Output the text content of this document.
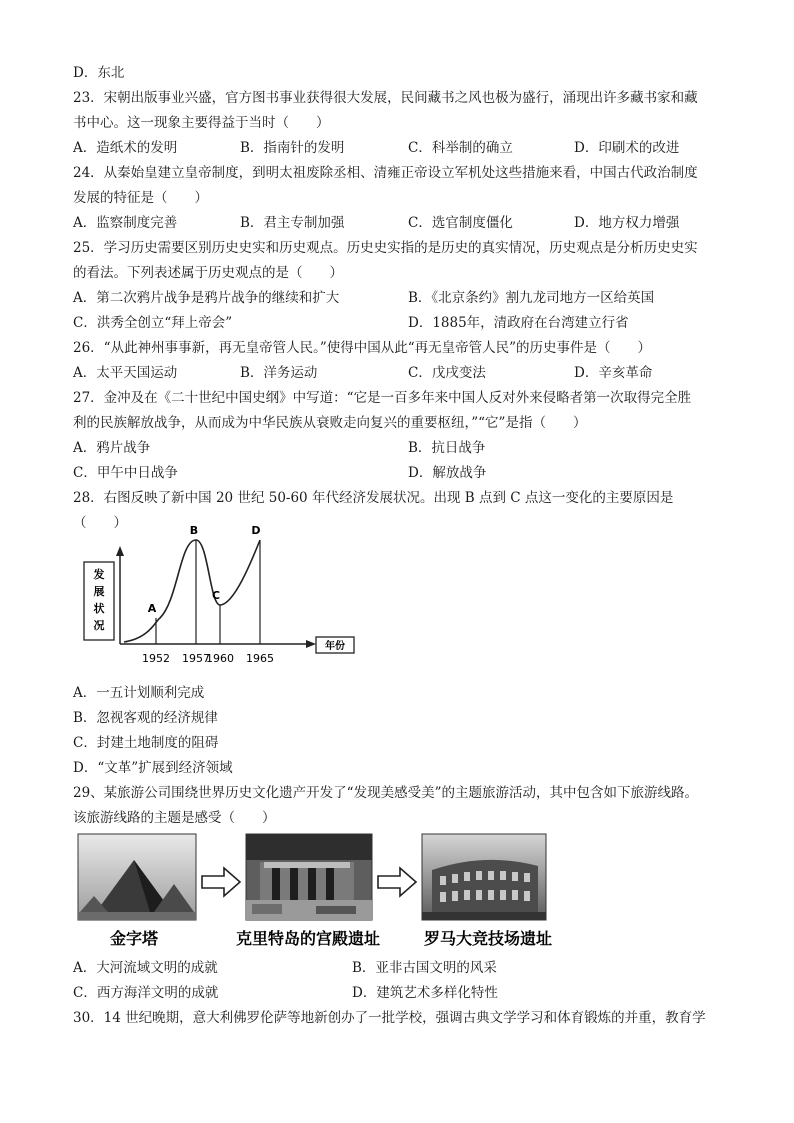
D．东北
23．宋朝出版事业兴盛，官方图书事业获得很大发展，民间藏书之风也极为盛行，涌现出许多藏书家和藏
书中心。这一现象主要得益于当时（　　）
A．造纸术的发明	B．指南针的发明	C．科举制的确立	D．印刷术的改进
24．从秦始皇建立皇帝制度，到明太祖废除丞相、清雍正帝设立军机处这些措施来看，中国古代政治制度
发展的特征是（　　）
A．监察制度完善	B．君主专制加强	C．选官制度僵化	D．地方权力增强
25．学习历史需要区别历史史实和历史观点。历史史实指的是历史的真实情况，历史观点是分析历史史实
的看法。下列表述属于历史观点的是（　　）
A．第二次鸦片战争是鸦片战争的继续和扩大	B．《北京条约》割九龙司地方一区给英国
C．洪秀全创立“拜上帝会”	D．1885年，清政府在台湾建立行省
26．“从此神州事事新，再无皇帝管人民。”使得中国从此“再无皇帝管人民”的历史事件是（　　）
A．太平天国运动	B．洋务运动	C．戊戌变法	D．辛亥革命
27．金冲及在《二十世纪中国史纲》中写道：“它是一百多年来中国人反对外来侵略者第一次取得完全胜
利的民族解放战争，从而成为中华民族从衰败走向复兴的重要枢纽，”“它”是指（　　）
A．鸦片战争	B．抗日战争
C．甲午中日战争	D．解放战争
28．右图反映了新中国 20 世纪 50-60 年代经济发展状况。出现 B 点到 C 点这一变化的主要原因是
（　　）
发
展
状
况
年份
A
1952
B
1957
C
1960
D
1965
A．一五计划顺利完成
B．忽视客观的经济规律
C．封建土地制度的阻碍
D．“文革”扩展到经济领域
29、某旅游公司围绕世界历史文化遗产开发了“发现美感受美”的主题旅游活动，其中包含如下旅游线路。
该旅游线路的主题是感受（　　）
金字塔	克里特岛的宫殿遗址	罗马大竞技场遗址
A．大河流域文明的成就	B．亚非古国文明的风采
C．西方海洋文明的成就	D．建筑艺术多样化特性
30．14 世纪晚期，意大利佛罗伦萨等地新创办了一批学校，强调古典文学学习和体育锻炼的并重，教育学
